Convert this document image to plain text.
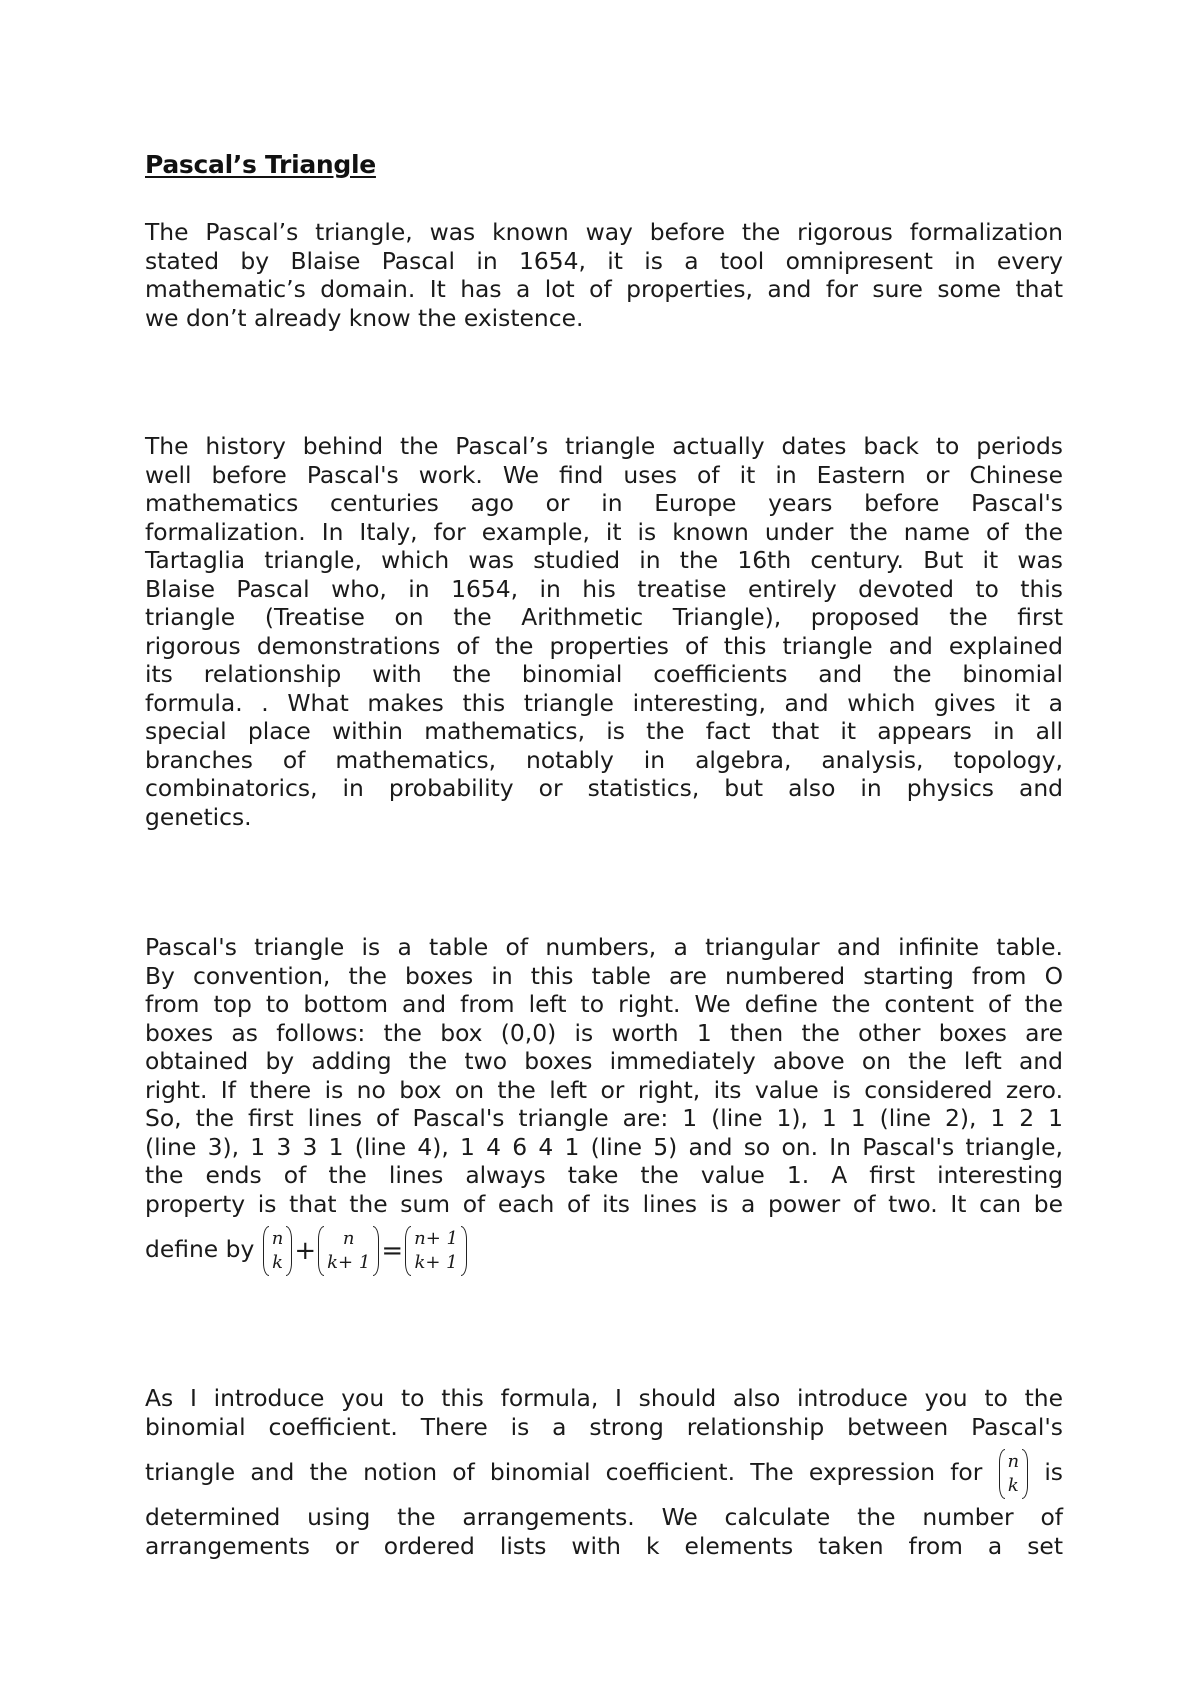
Pascal’s Triangle
The Pascal’s triangle, was known way before the rigorous formalization
stated by Blaise Pascal in 1654, it is a tool omnipresent in every
mathematic’s domain. It has a lot of properties, and for sure some that
we don’t already know the existence.
The history behind the Pascal’s triangle actually dates back to periods
well before Pascal's work. We find uses of it in Eastern or Chinese
mathematics centuries ago or in Europe years before Pascal's
formalization. In Italy, for example, it is known under the name of the
Tartaglia triangle, which was studied in the 16th century. But it was
Blaise Pascal who, in 1654, in his treatise entirely devoted to this
triangle (Treatise on the Arithmetic Triangle), proposed the first
rigorous demonstrations of the properties of this triangle and explained
its relationship with the binomial coefficients and the binomial
formula. . What makes this triangle interesting, and which gives it a
special place within mathematics, is the fact that it appears in all
branches of mathematics, notably in algebra, analysis, topology,
combinatorics, in probability or statistics, but also in physics and
genetics.
Pascal's triangle is a table of numbers, a triangular and infinite table.
By convention, the boxes in this table are numbered starting from O
from top to bottom and from left to right. We define the content of the
boxes as follows: the box (0,0) is worth 1 then the other boxes are
obtained by adding the two boxes immediately above on the left and
right. If there is no box on the left or right, its value is considered zero.
So, the first lines of Pascal's triangle are: 1 (line 1), 1 1 (line 2), 1 2 1
(line 3), 1 3 3 1 (line 4), 1 4 6 4 1 (line 5) and so on. In Pascal's triangle,
the ends of the lines always take the value 1. A first interesting
property is that the sum of each of its lines is a power of two. It can be
define by n
k + n
k+ 1 = n+ 1
k+ 1
As I introduce you to this formula, I should also introduce you to the
binomial coefficient. There is a strong relationship between Pascal's
triangle and the notion of binomial coefficient. The expression for n
k is
determined using the arrangements. We calculate the number of
arrangements or ordered lists with k elements taken from a set
